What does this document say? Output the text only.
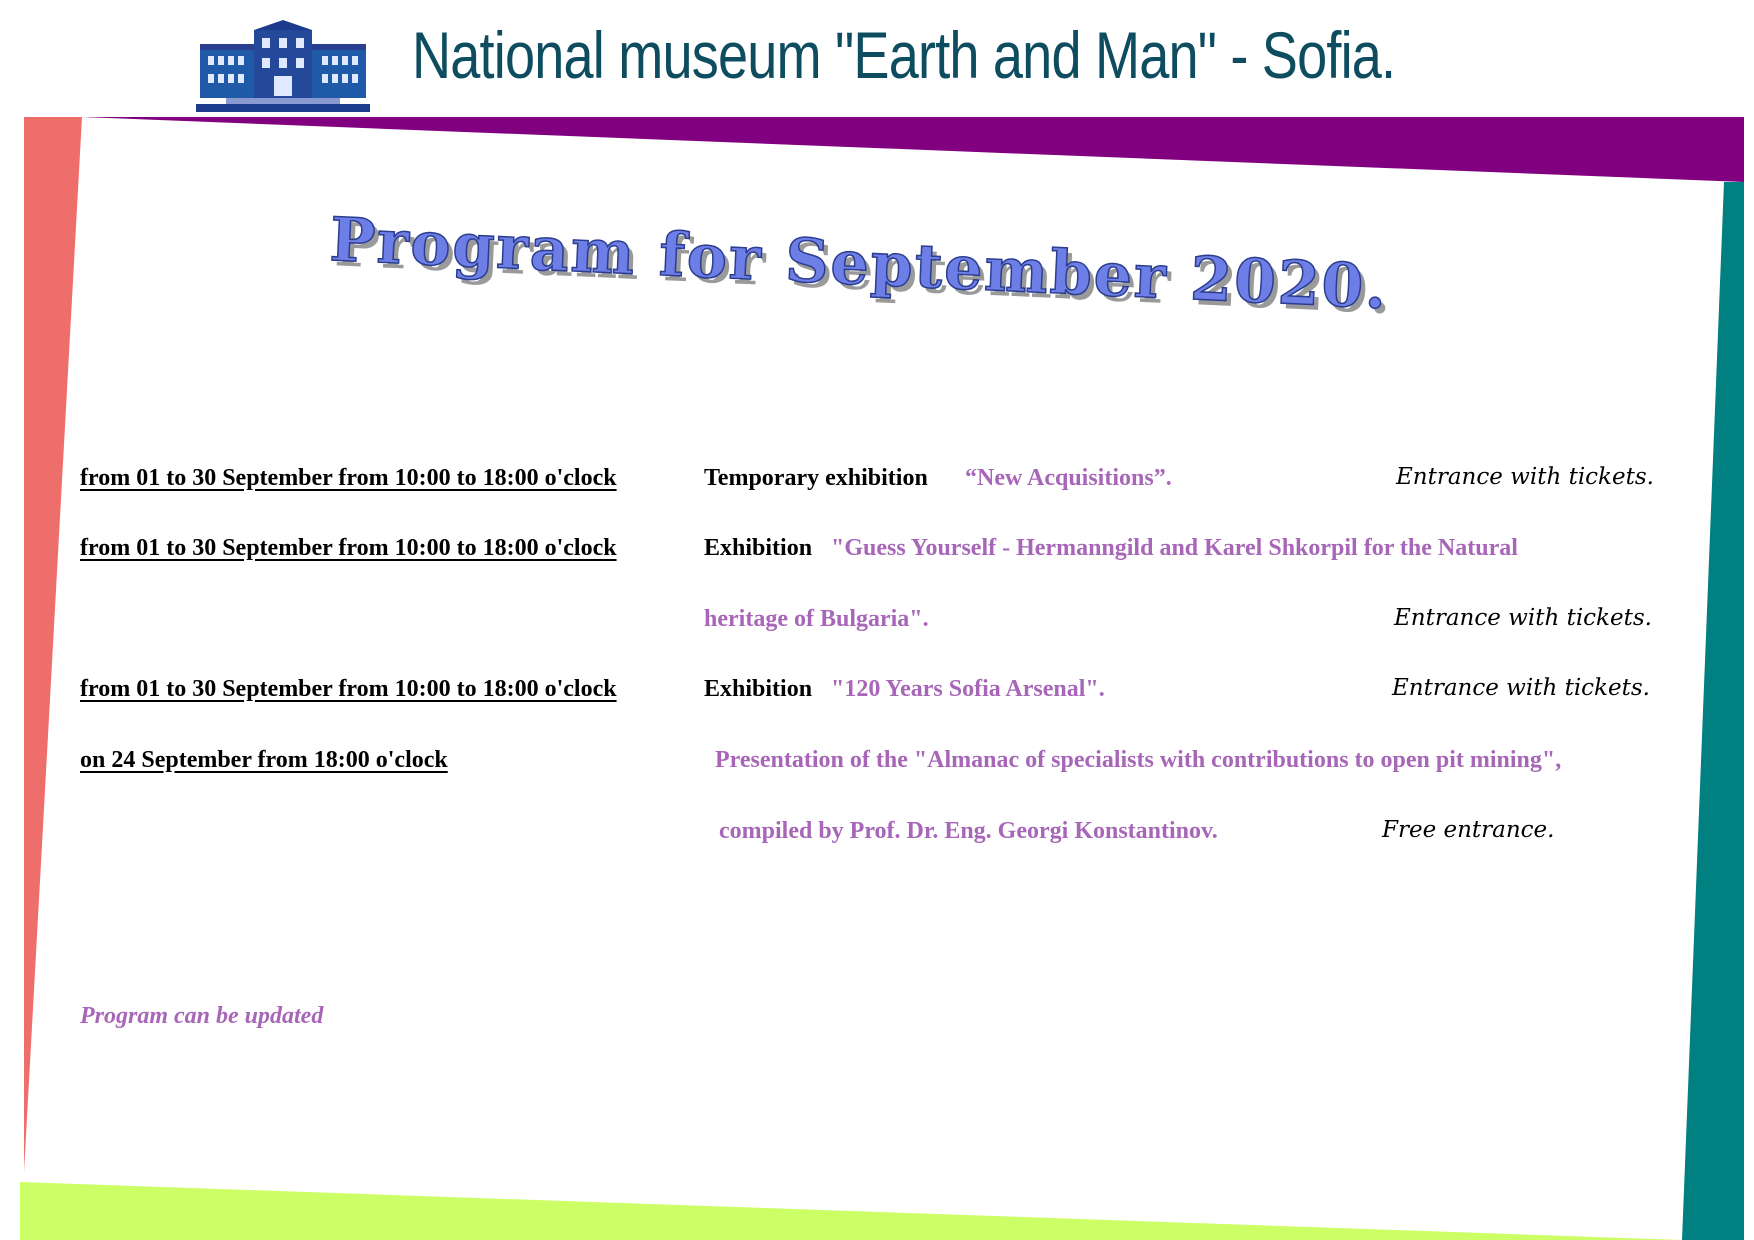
National museum "Earth and Man" - Sofia.
Program for September 2020.

from 01 to 30 September from 10:00 to 18:00 o'clock	Temporary exhibition “New Acquisitions”.	Entrance with tickets.

from 01 to 30 September from 10:00 to 18:00 o'clock	Exhibition "Guess Yourself - Hermanngild and Karel Shkorpil for the Natural

heritage of Bulgaria".	Entrance with tickets.

from 01 to 30 September from 10:00 to 18:00 o'clock	Exhibition "120 Years Sofia Arsenal".	Entrance with tickets.

on 24 September from 18:00 o'clock	Presentation of the "Almanac of specialists with contributions to open pit mining",

compiled by Prof. Dr. Eng. Georgi Konstantinov.	Free entrance.

Program can be updated
